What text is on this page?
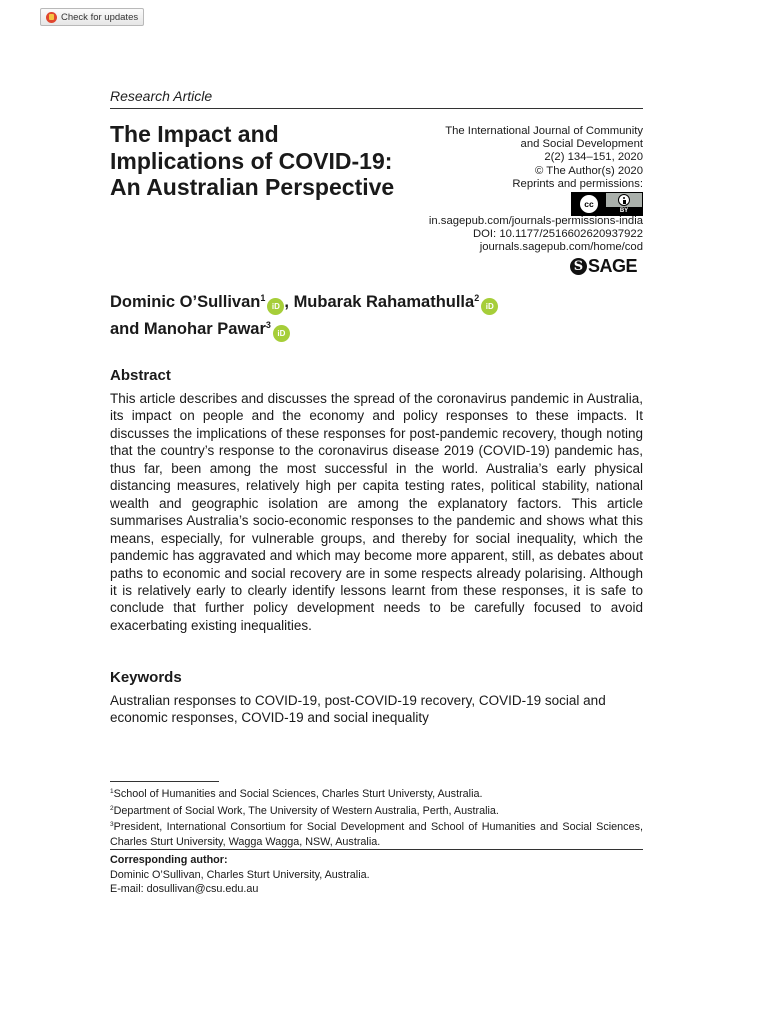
Check for updates
Research Article
The Impact and Implications of COVID-19: An Australian Perspective
The International Journal of Community
and Social Development
2(2) 134–151, 2020
© The Author(s) 2020
Reprints and permissions:
cc
BY
in.sagepub.com/journals-permissions-india
DOI: 10.1177/2516602620937922
journals.sagepub.com/home/cod
S SAGE
Dominic O’Sullivan$^1$iD , Mubarak Rahamathulla$^2$iD
and Manohar Pawar$^3$iD
Abstract
This article describes and discusses the spread of the coronavirus pandemic in Australia, its impact on people and the economy and policy responses to these impacts. It discusses the implications of these responses for post-pandemic recovery, though noting that the country’s response to the coronavirus disease 2019 (COVID-19) pandemic has, thus far, been among the most successful in the world. Australia’s early physical distancing measures, relatively high per capita testing rates, political stability, national wealth and geographic isolation are among the explanatory factors. This article summarises Australia’s socio-economic responses to the pandemic and shows what this means, especially, for vulnerable groups, and thereby for social inequality, which the pandemic has aggravated and which may become more apparent, still, as debates about paths to economic and social recovery are in some respects already polarising. Although it is relatively early to clearly identify lessons learnt from these responses, it is safe to conclude that further policy development needs to be carefully focused to avoid exacerbating existing inequalities.
Keywords
Australian responses to COVID-19, post-COVID-19 recovery, COVID-19 social and economic responses, COVID-19 and social inequality

$^1$School of Humanities and Social Sciences, Charles Sturt Universty, Australia.

$^2$Department of Social Work, The University of Western Australia, Perth, Australia.

$^3$President, International Consortium for Social Development and School of Humanities and Social Sciences, Charles Sturt University, Wagga Wagga, NSW, Australia.

Corresponding author:
Dominic O’Sullivan, Charles Sturt University, Australia.
E-mail: dosullivan@csu.edu.au
